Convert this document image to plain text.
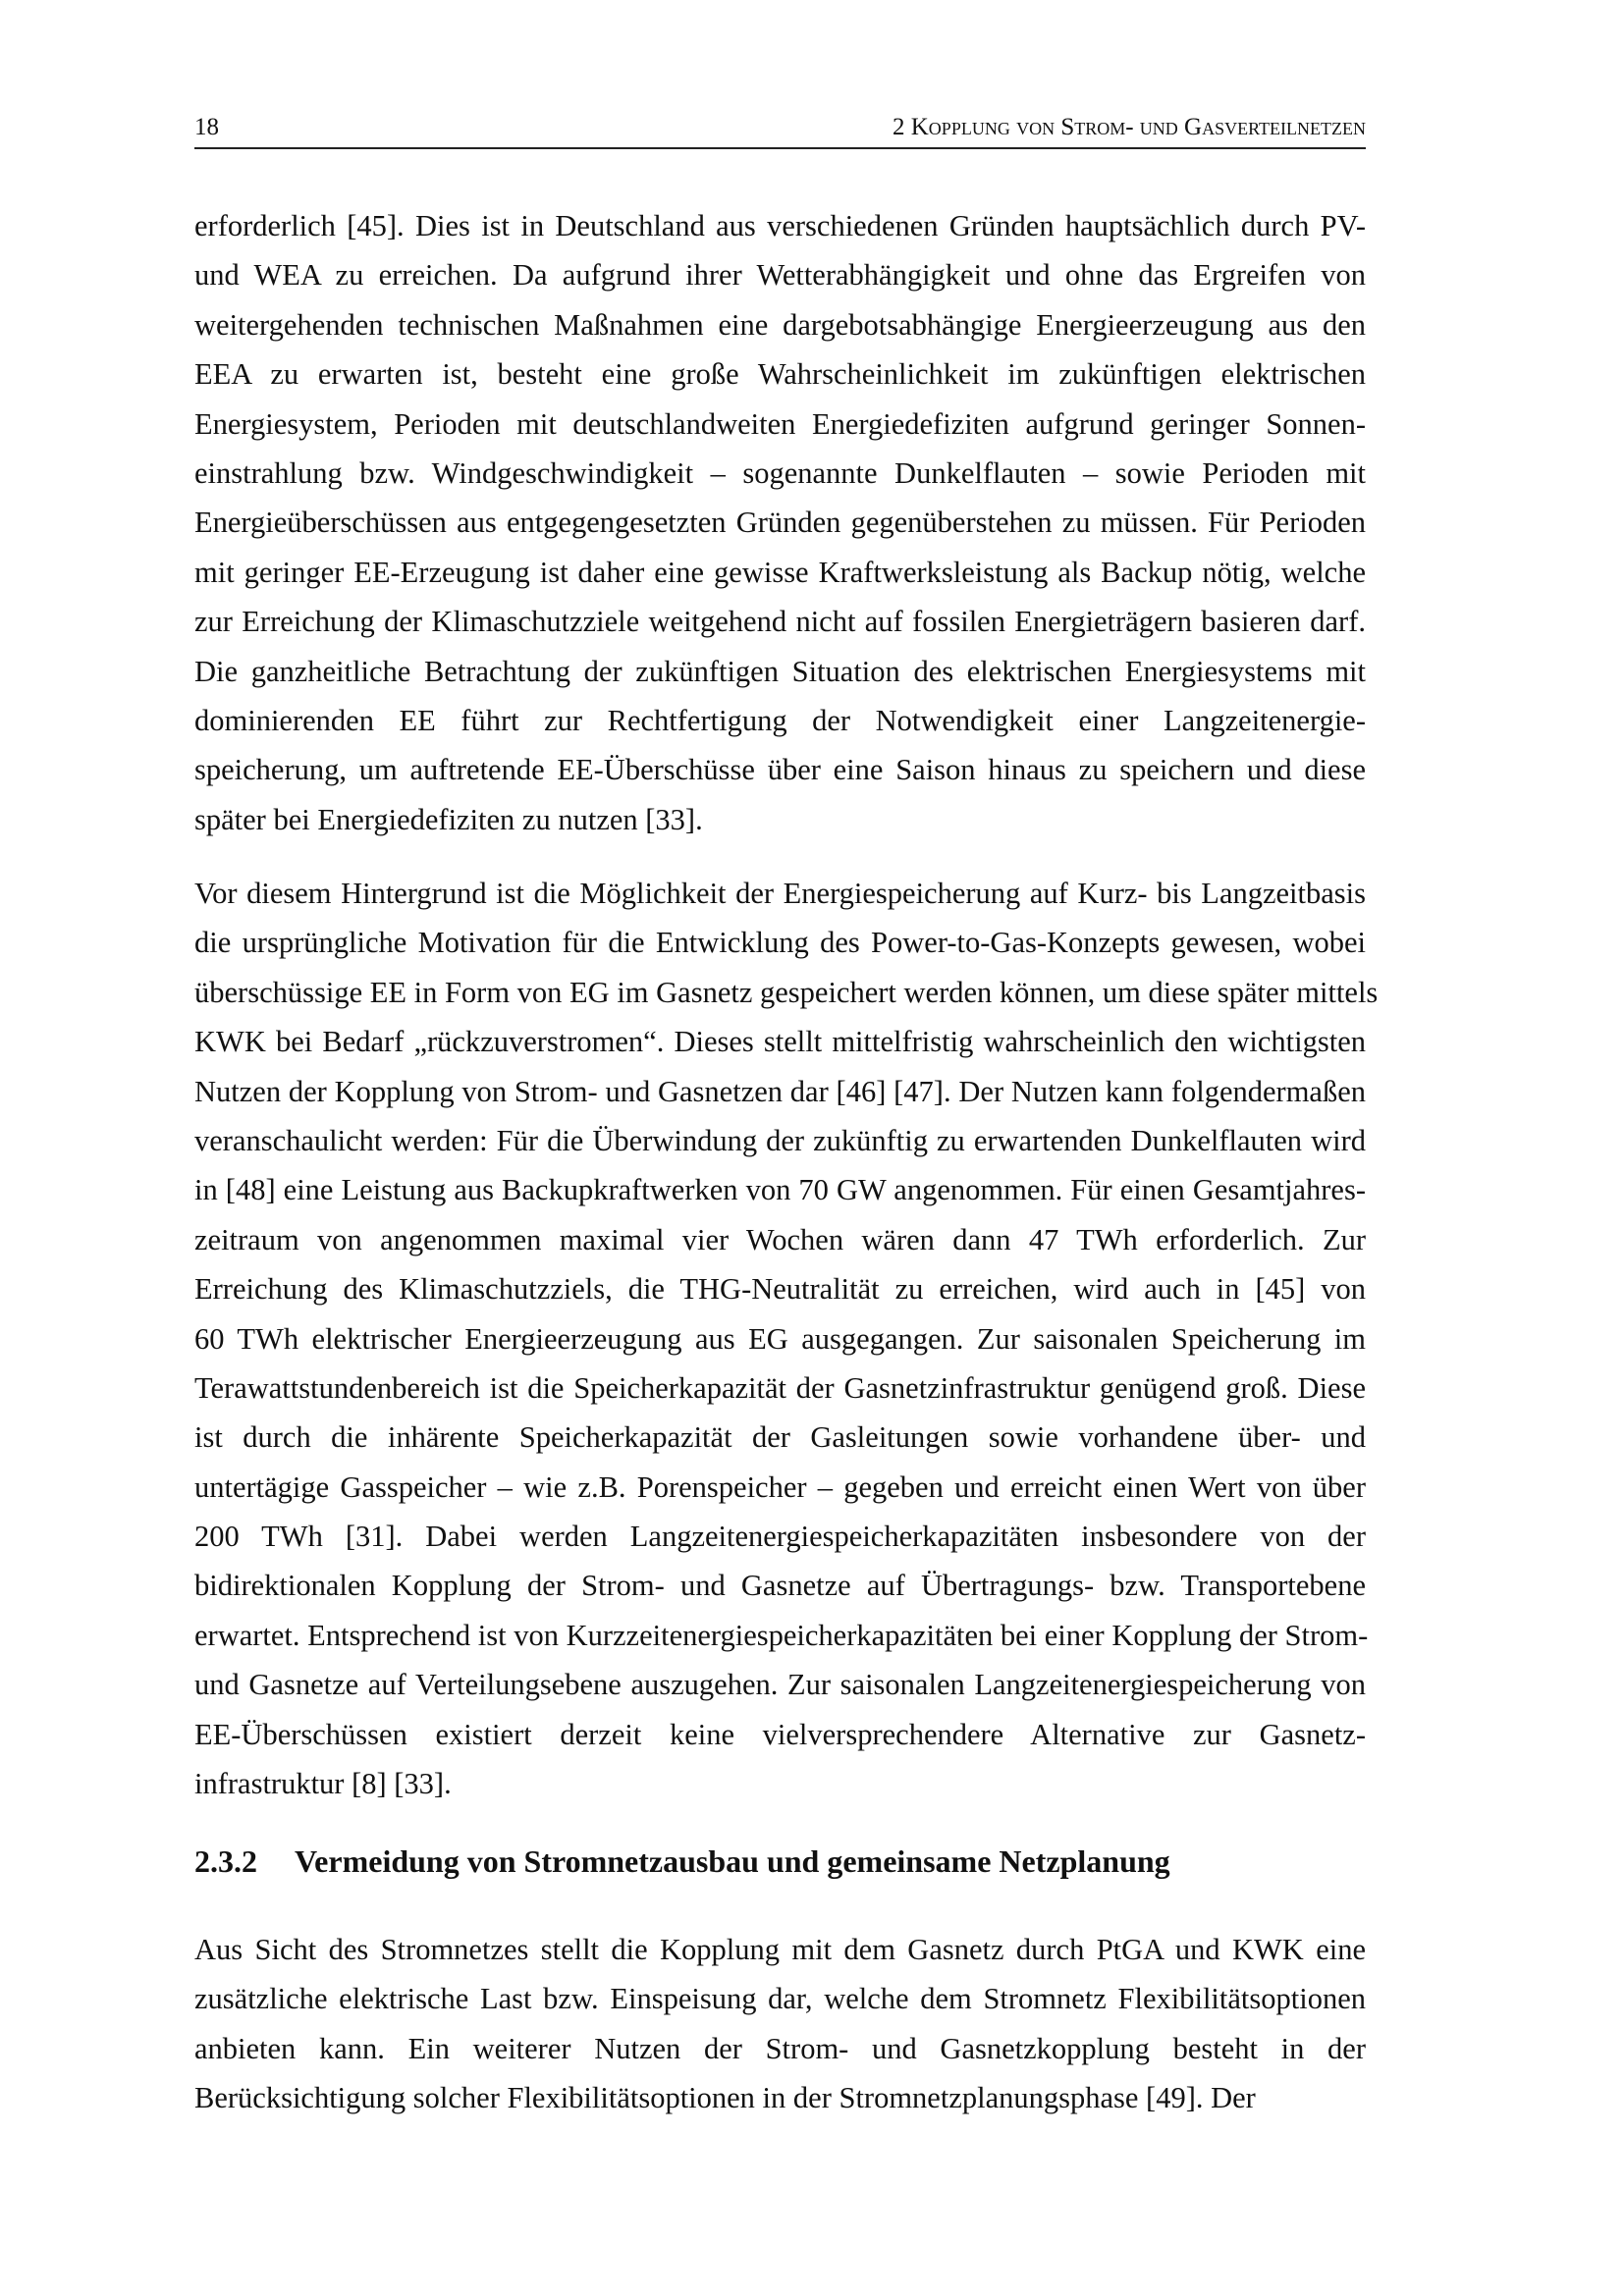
18	2 Kopplung von Strom- und Gasverteilnetzen
erforderlich [45]. Dies ist in Deutschland aus verschiedenen Gründen hauptsächlich durch PV-
und WEA zu erreichen. Da aufgrund ihrer Wetterabhängigkeit und ohne das Ergreifen von
weitergehenden technischen Maßnahmen eine dargebotsabhängige Energieerzeugung aus den
EEA zu erwarten ist, besteht eine große Wahrscheinlichkeit im zukünftigen elektrischen
Energiesystem, Perioden mit deutschlandweiten Energiedefiziten aufgrund geringer Sonnen-
einstrahlung bzw. Windgeschwindigkeit – sogenannte Dunkelflauten – sowie Perioden mit
Energieüberschüssen aus entgegengesetzten Gründen gegenüberstehen zu müssen. Für Perioden
mit geringer EE-Erzeugung ist daher eine gewisse Kraftwerksleistung als Backup nötig, welche
zur Erreichung der Klimaschutzziele weitgehend nicht auf fossilen Energieträgern basieren darf.
Die ganzheitliche Betrachtung der zukünftigen Situation des elektrischen Energiesystems mit
dominierenden EE führt zur Rechtfertigung der Notwendigkeit einer Langzeitenergie-
speicherung, um auftretende EE-Überschüsse über eine Saison hinaus zu speichern und diese
später bei Energiedefiziten zu nutzen [33].
Vor diesem Hintergrund ist die Möglichkeit der Energiespeicherung auf Kurz- bis Langzeitbasis
die ursprüngliche Motivation für die Entwicklung des Power-to-Gas-Konzepts gewesen, wobei
überschüssige EE in Form von EG im Gasnetz gespeichert werden können, um diese später mittels
KWK bei Bedarf „rückzuverstromen“. Dieses stellt mittelfristig wahrscheinlich den wichtigsten
Nutzen der Kopplung von Strom- und Gasnetzen dar [46] [47]. Der Nutzen kann folgendermaßen
veranschaulicht werden: Für die Überwindung der zukünftig zu erwartenden Dunkelflauten wird
in [48] eine Leistung aus Backupkraftwerken von 70 GW angenommen. Für einen Gesamtjahres-
zeitraum von angenommen maximal vier Wochen wären dann 47 TWh erforderlich. Zur
Erreichung des Klimaschutzziels, die THG-Neutralität zu erreichen, wird auch in [45] von
60 TWh elektrischer Energieerzeugung aus EG ausgegangen. Zur saisonalen Speicherung im
Terawattstundenbereich ist die Speicherkapazität der Gasnetzinfrastruktur genügend groß. Diese
ist durch die inhärente Speicherkapazität der Gasleitungen sowie vorhandene über- und
untertägige Gasspeicher – wie z.B. Porenspeicher – gegeben und erreicht einen Wert von über
200 TWh [31]. Dabei werden Langzeitenergiespeicherkapazitäten insbesondere von der
bidirektionalen Kopplung der Strom- und Gasnetze auf Übertragungs- bzw. Transportebene
erwartet. Entsprechend ist von Kurzzeitenergiespeicherkapazitäten bei einer Kopplung der Strom-
und Gasnetze auf Verteilungsebene auszugehen. Zur saisonalen Langzeitenergiespeicherung von
EE-Überschüssen existiert derzeit keine vielversprechendere Alternative zur Gasnetz-
infrastruktur [8] [33].
2.3.2 Vermeidung von Stromnetzausbau und gemeinsame Netzplanung
Aus Sicht des Stromnetzes stellt die Kopplung mit dem Gasnetz durch PtGA und KWK eine
zusätzliche elektrische Last bzw. Einspeisung dar, welche dem Stromnetz Flexibilitätsoptionen
anbieten kann. Ein weiterer Nutzen der Strom- und Gasnetzkopplung besteht in der
Berücksichtigung solcher Flexibilitätsoptionen in der Stromnetzplanungsphase [49]. Der
